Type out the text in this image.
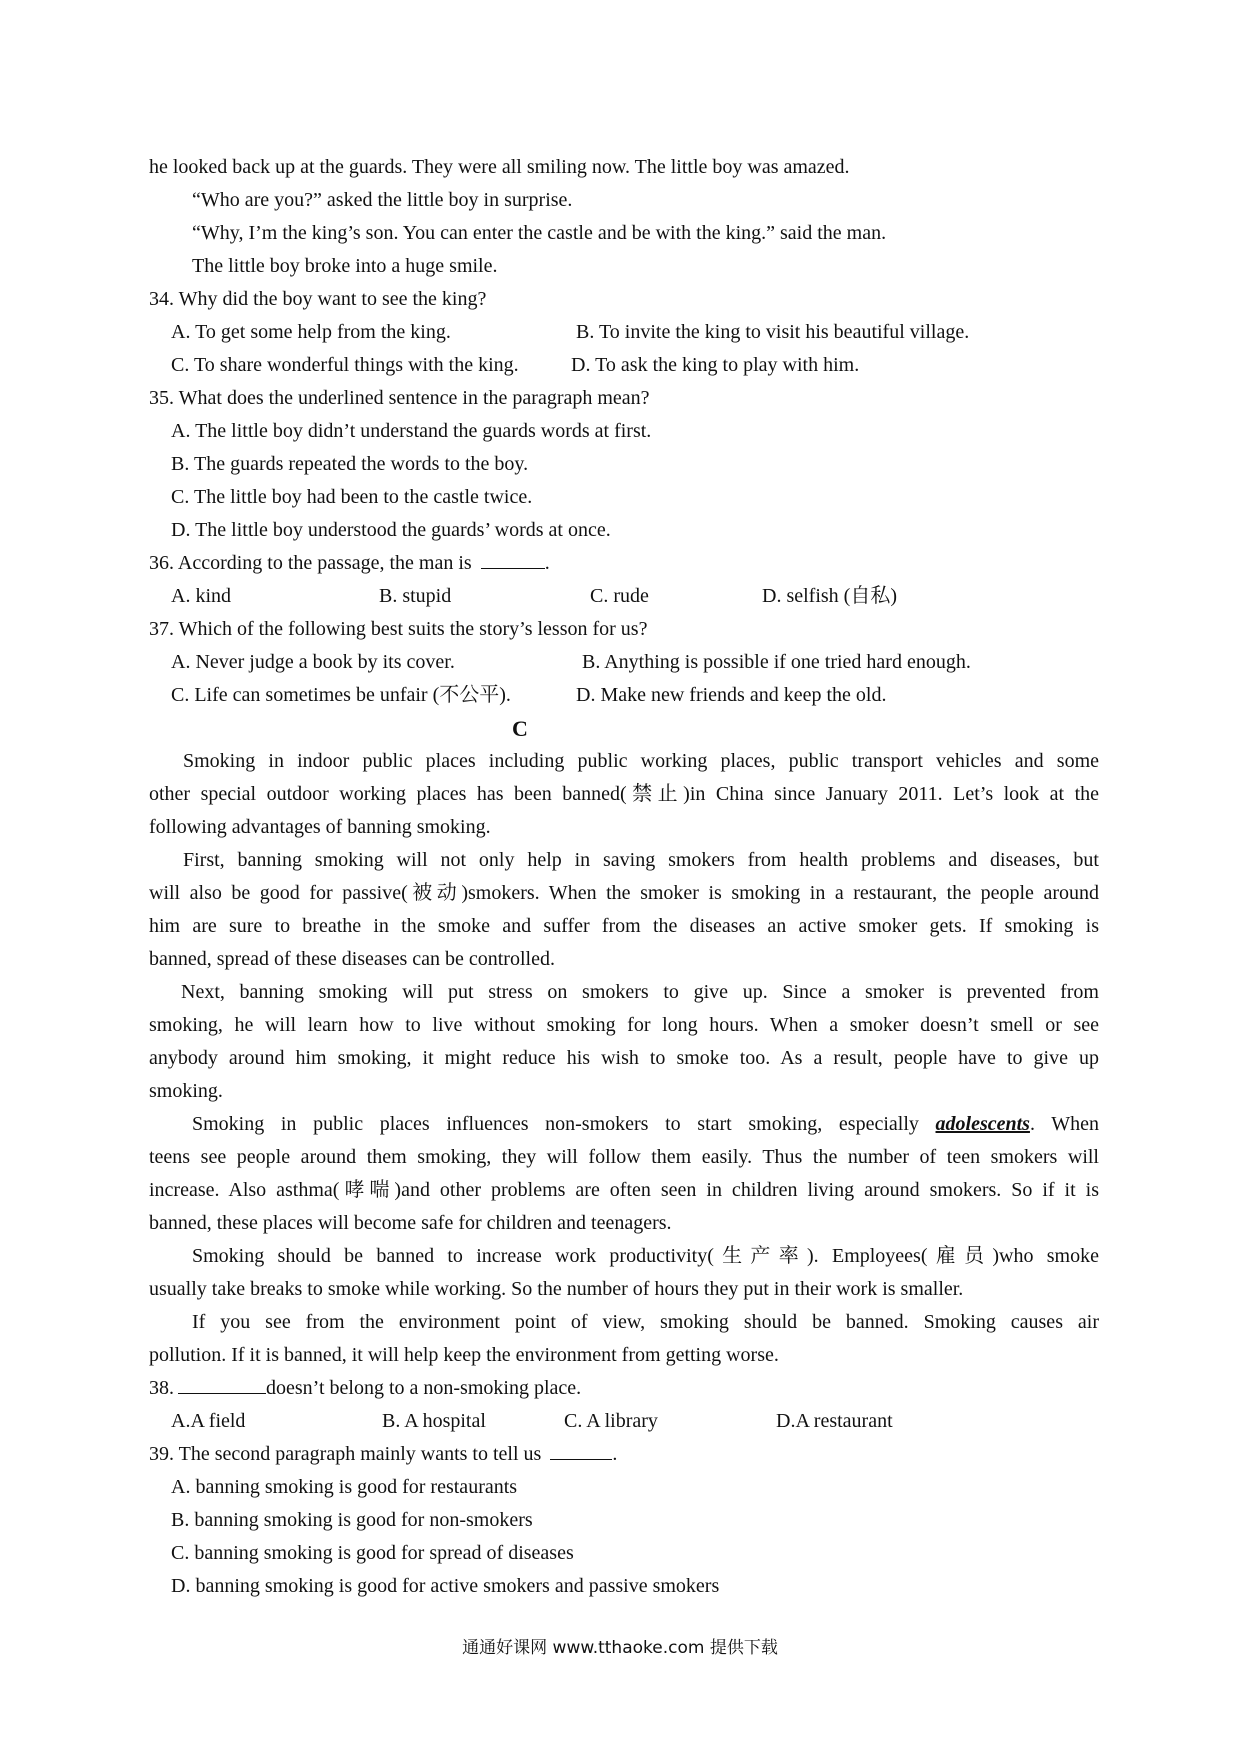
he looked back up at the guards. They were all smiling now. The little boy was amazed.
“Who are you?” asked the little boy in surprise.
“Why, I’m the king’s son. You can enter the castle and be with the king.” said the man.
The little boy broke into a huge smile.
34. Why did the boy want to see the king?
A. To get some help from the king.	B. To invite the king to visit his beautiful village.
C. To share wonderful things with the king.	D. To ask the king to play with him.
35. What does the underlined sentence in the paragraph mean?
A. The little boy didn’t understand the guards words at first.
B. The guards repeated the words to the boy.
C. The little boy had been to the castle twice.
D. The little boy understood the guards’ words at once.
36. According to the passage, the man is	.
A. kind	B. stupid	C. rude	D. selfish (自私)
37. Which of the following best suits the story’s lesson for us?
A. Never judge a book by its cover.	B. Anything is possible if one tried hard enough.
C. Life can sometimes be unfair (不公平).	D. Make new friends and keep the old.
C
Smoking in indoor public places including public working places, public transport vehicles and some
other special outdoor working places has been banned(禁止)in China since January 2011. Let’s look at the
following advantages of banning smoking.
First, banning smoking will not only help in saving smokers from health problems and diseases, but
will also be good for passive(被动)smokers. When the smoker is smoking in a restaurant, the people around
him are sure to breathe in the smoke and suffer from the diseases an active smoker gets. If smoking is
banned, spread of these diseases can be controlled.
Next, banning smoking will put stress on smokers to give up. Since a smoker is prevented from
smoking, he will learn how to live without smoking for long hours. When a smoker doesn’t smell or see
anybody around him smoking, it might reduce his wish to smoke too. As a result, people have to give up
smoking.
Smoking in public places influences non-smokers to start smoking, especially adolescents. When
teens see people around them smoking, they will follow them easily. Thus the number of teen smokers will
increase. Also asthma(哮喘)and other problems are often seen in children living around smokers. So if it is
banned, these places will become safe for children and teenagers.
Smoking should be banned to increase work productivity(生产率). Employees(雇员)who smoke
usually take breaks to smoke while working. So the number of hours they put in their work is smaller.
If you see from the environment point of view, smoking should be banned. Smoking causes air
pollution. If it is banned, it will help keep the environment from getting worse.
38.	doesn’t belong to a non-smoking place.
A.A field	B. A hospital	C. A library	D.A restaurant
39. The second paragraph mainly wants to tell us	.
A. banning smoking is good for restaurants
B. banning smoking is good for non-smokers
C. banning smoking is good for spread of diseases
D. banning smoking is good for active smokers and passive smokers
通通好课网 www.tthaoke.com 提供下载
